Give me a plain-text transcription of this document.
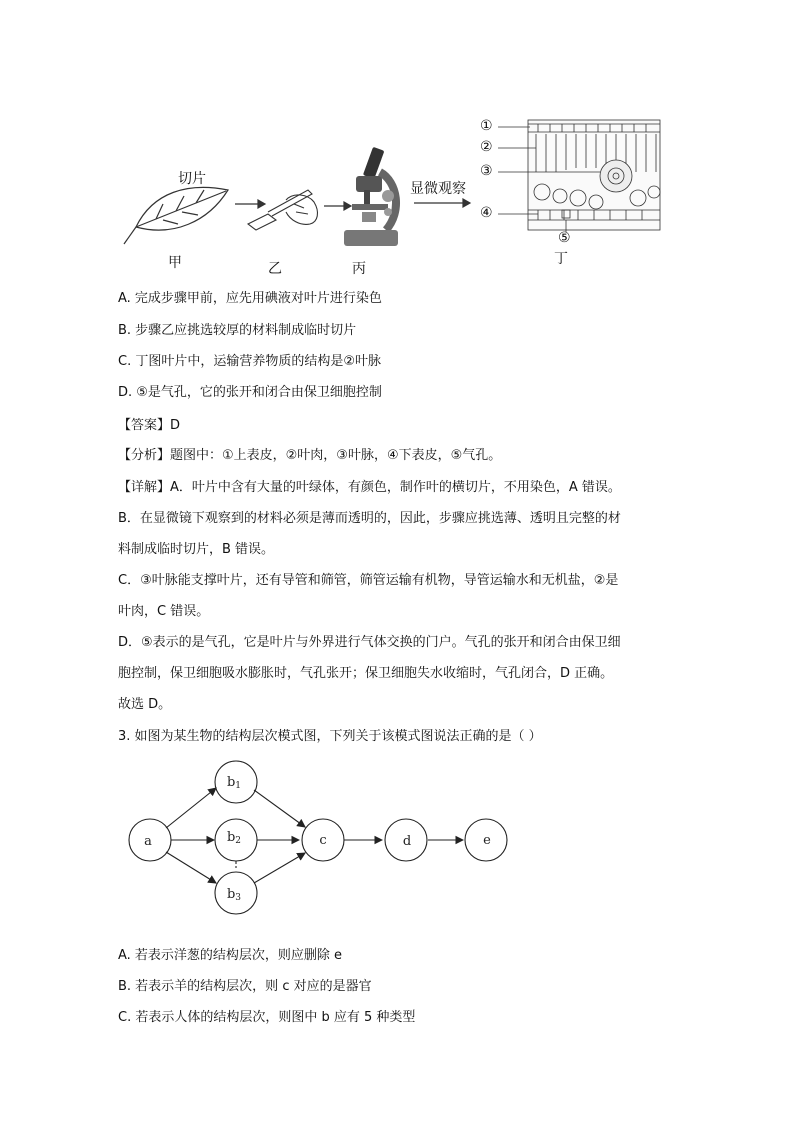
切片
甲	乙	丙
显微观察
丁
①
②
③
④
⑤
A. 完成步骤甲前，应先用碘液对叶片进行染色
B. 步骤乙应挑选较厚的材料制成临时切片
C. 丁图叶片中，运输营养物质的结构是②叶脉
D. ⑤是气孔，它的张开和闭合由保卫细胞控制
【答案】D
【分析】题图中：①上表皮，②叶肉，③叶脉，④下表皮，⑤气孔。
【详解】A．叶片中含有大量的叶绿体，有颜色，制作叶的横切片，不用染色，A 错误。
B．在显微镜下观察到的材料必须是薄而透明的，因此，步骤应挑选薄、透明且完整的材
料制成临时切片，B 错误。
C．③叶脉能支撑叶片，还有导管和筛管，筛管运输有机物，导管运输水和无机盐，②是
叶肉，C 错误。
D．⑤表示的是气孔，它是叶片与外界进行气体交换的门户。气孔的张开和闭合由保卫细
胞控制，保卫细胞吸水膨胀时，气孔张开；保卫细胞失水收缩时，气孔闭合，D 正确。
故选 D。
3. 如图为某生物的结构层次模式图，下列关于该模式图说法正确的是（ ）
a
b1
b2
b3
c	d	e
A. 若表示洋葱的结构层次，则应删除 e
B. 若表示羊的结构层次，则 c 对应的是器官
C. 若表示人体的结构层次，则图中 b 应有 5 种类型
